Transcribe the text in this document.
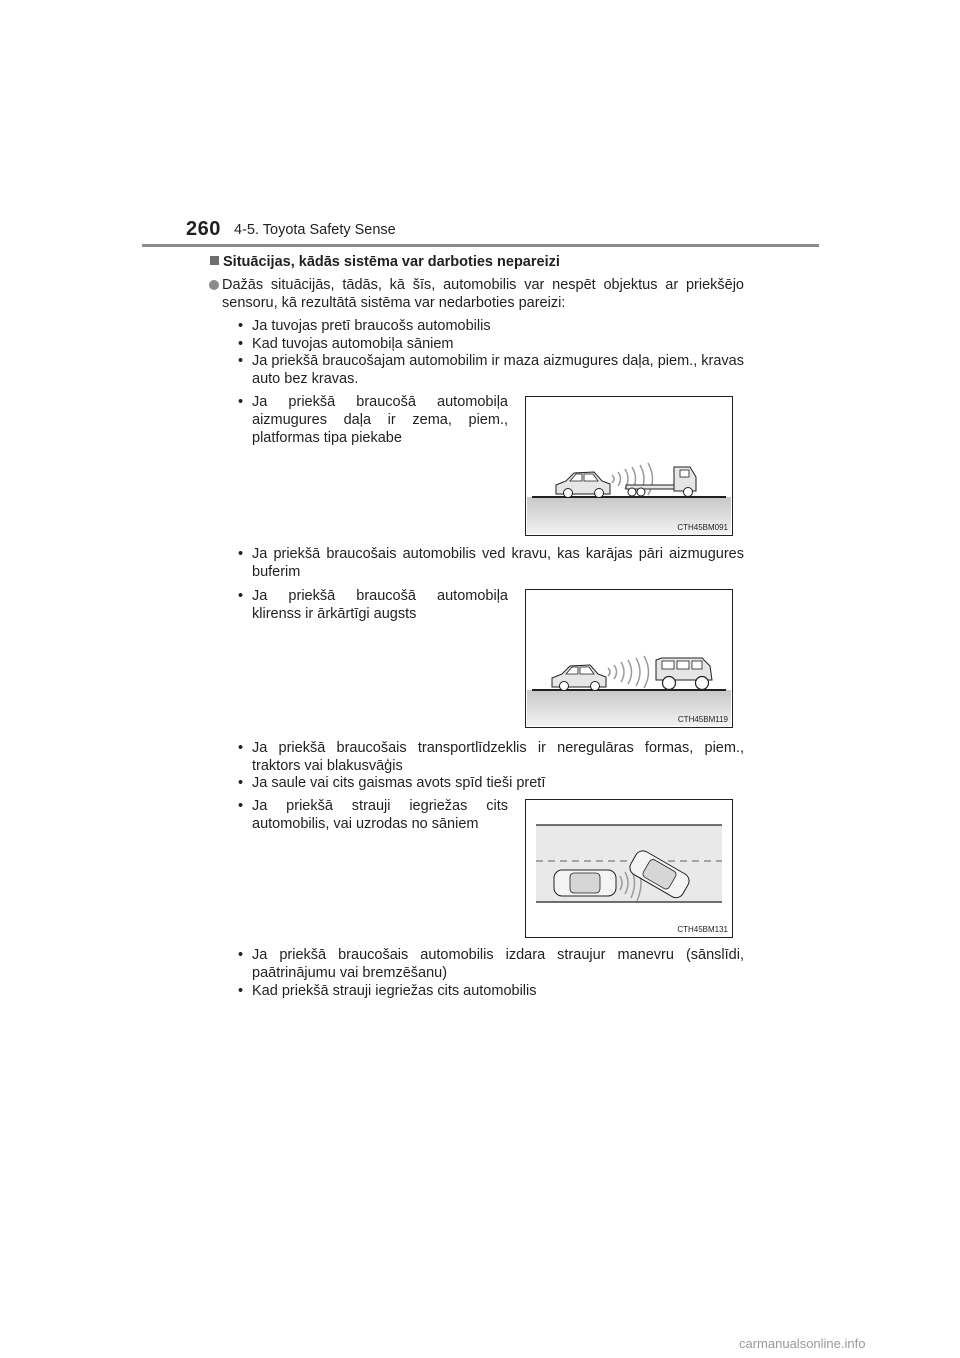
260 4-5. Toyota Safety Sense
Situācijas, kādās sistēma var darboties nepareizi
Dažās situācijās, tādās, kā šīs, automobilis var nespēt objektus ar priekšējo sensoru, kā rezultātā sistēma var nedarboties pareizi:
• Ja tuvojas pretī braucošs automobilis
• Kad tuvojas automobiļa sāniem
• Ja priekšā braucošajam automobilim ir maza aizmugures daļa, piem., kravas auto bez kravas.
• Ja priekšā braucošā automobiļa aizmugures daļa ir zema, piem., platformas tipa piekabe
CTH45BM091
• Ja priekšā braucošais automobilis ved kravu, kas karājas pāri aizmugures buferim
• Ja priekšā braucošā automobiļa klirenss ir ārkārtīgi augsts
CTH45BM119
• Ja priekšā braucošais transportlīdzeklis ir neregulāras formas, piem., traktors vai blakusvāģis
• Ja saule vai cits gaismas avots spīd tieši pretī
• Ja priekšā strauji iegriežas cits automobilis, vai uzrodas no sāniem
CTH45BM131
• Ja priekšā braucošais automobilis izdara straujur manevru (sānslīdi, paātrinājumu vai bremzēšanu)
• Kad priekšā strauji iegriežas cits automobilis
carmanualsonline.info
